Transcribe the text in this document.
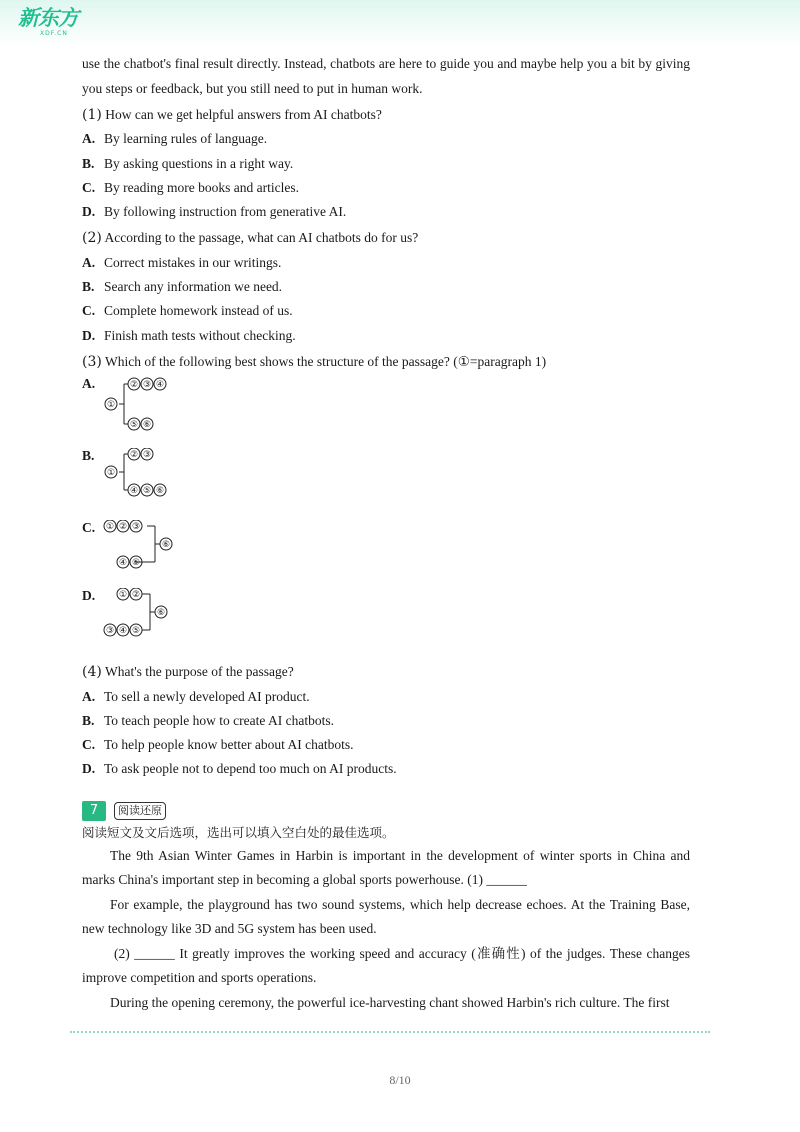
新东方
XDF.CN

use the chatbot's final result directly. Instead, chatbots are here to guide you and maybe help you a bit by giving you steps or feedback, but you still need to put in human work.

(1) How can we get helpful answers from AI chatbots?

A. By learning rules of language.

B. By asking questions in a right way.

C. By reading more books and articles.

D. By following instruction from generative AI.

(2) According to the passage, what can AI chatbots do for us?

A. Correct mistakes in our writings.

B. Search any information we need.

C. Complete homework instead of us.

D. Finish math tests without checking.

(3) Which of the following best shows the structure of the passage? (①=paragraph 1)

A.
①
② ③ ④
⑤ ⑥
B.
①
② ③
④ ⑤ ⑥
C.	① ② ③
④ ⑤
⑥
D.	① ②
③ ④ ⑤
⑥

(4) What's the purpose of the passage?

A. To sell a newly developed AI product.

B. To teach people how to create AI chatbots.

C. To help people know better about AI chatbots.

D. To ask people not to depend too much on AI products.

7	阅读还原

阅读短文及文后选项，选出可以填入空白处的最佳选项。

The 9th Asian Winter Games in Harbin is important in the development of winter sports in China and marks China's important step in becoming a global sports powerhouse. (1) ______

For example, the playground has two sound systems, which help decrease echoes. At the Training Base, new technology like 3D and 5G system has been used.

(2) ______ It greatly improves the working speed and accuracy (准确性) of the judges. These changes improve competition and sports operations.

During the opening ceremony, the powerful ice-harvesting chant showed Harbin's rich culture. The first

8/10
